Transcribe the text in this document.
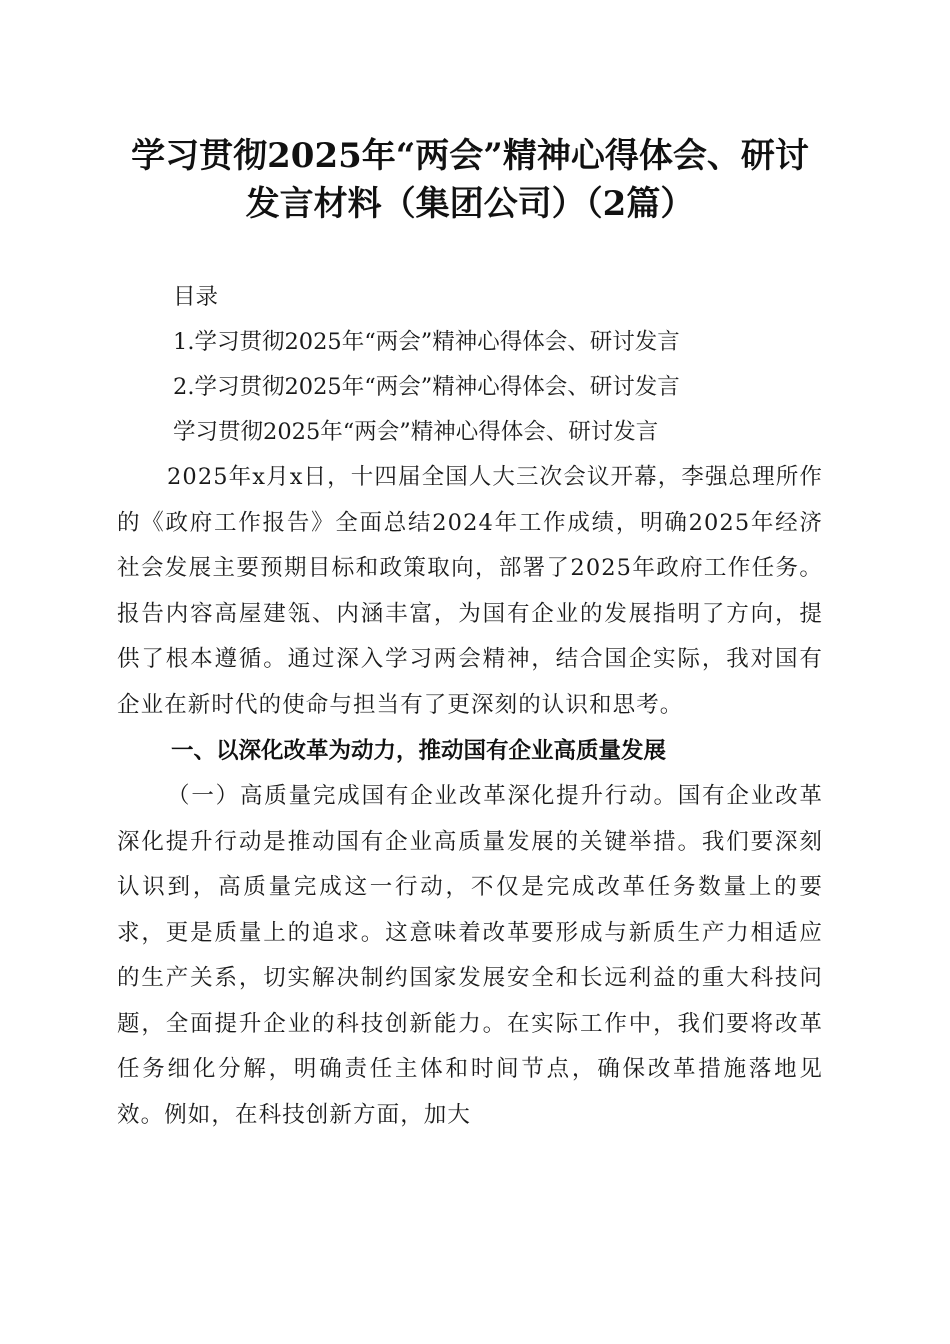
学习贯彻2025年“两会”精神心得体会、研讨发言材料（集团公司）（2篇）

目录

1.学习贯彻2025年“两会”精神心得体会、研讨发言

2.学习贯彻2025年“两会”精神心得体会、研讨发言

学习贯彻2025年“两会”精神心得体会、研讨发言

2025年x月x日，十四届全国人大三次会议开幕，李强总理所作的《政府工作报告》全面总结2024年工作成绩，明确2025年经济社会发展主要预期目标和政策取向，部署了2025年政府工作任务。报告内容高屋建瓴、内涵丰富，为国有企业的发展指明了方向，提供了根本遵循。通过深入学习两会精神，结合国企实际，我对国有企业在新时代的使命与担当有了更深刻的认识和思考。

一、以深化改革为动力，推动国有企业高质量发展

（一）高质量完成国有企业改革深化提升行动。国有企业改革深化提升行动是推动国有企业高质量发展的关键举措。我们要深刻认识到，高质量完成这一行动，不仅是完成改革任务数量上的要求，更是质量上的追求。这意味着改革要形成与新质生产力相适应的生产关系，切实解决制约国家发展安全和长远利益的重大科技问题，全面提升企业的科技创新能力。在实际工作中，我们要将改革任务细化分解，明确责任主体和时间节点，确保改革措施落地见效。例如，在科技创新方面，加大
